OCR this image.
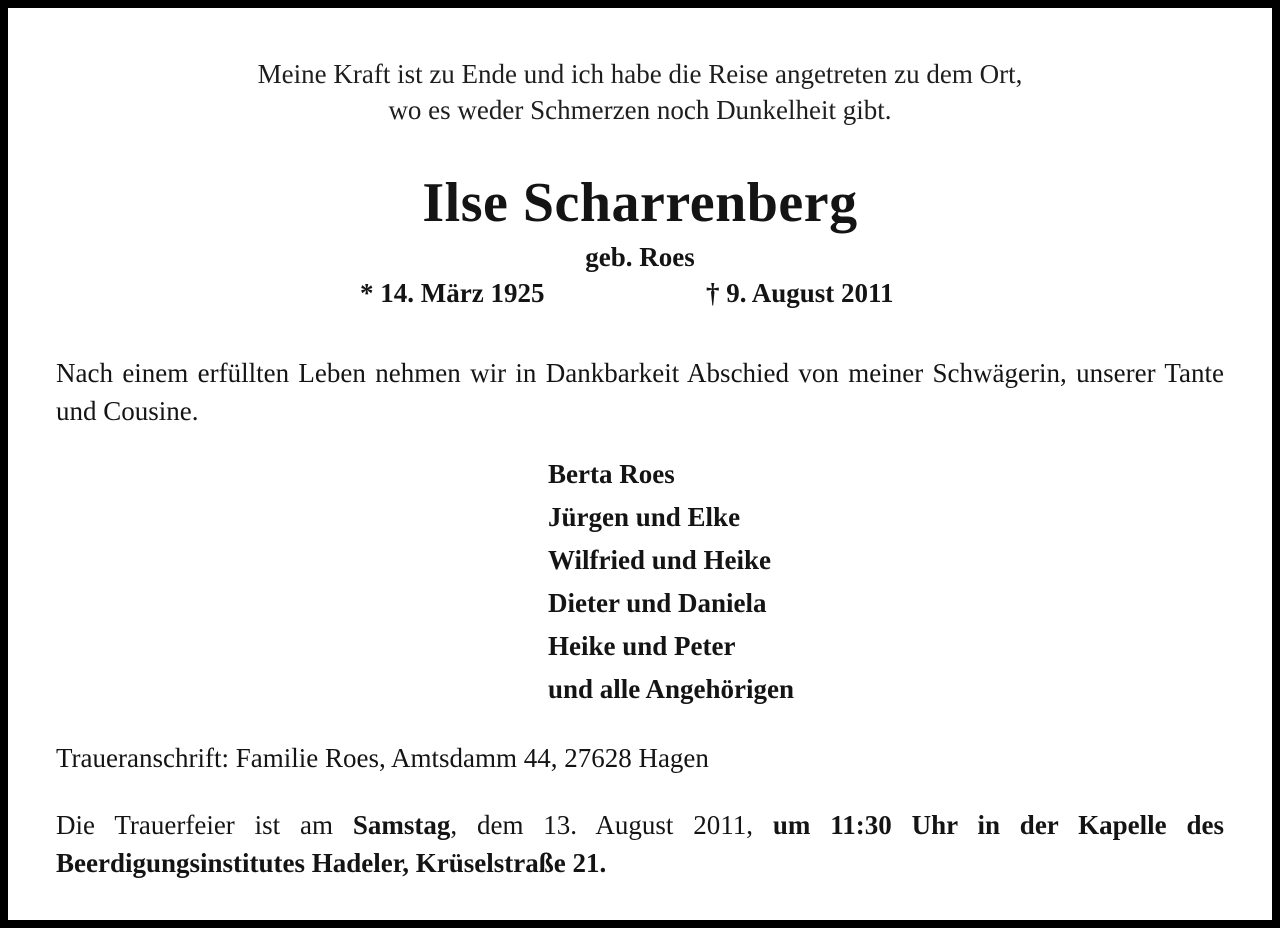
Meine Kraft ist zu Ende und ich habe die Reise angetreten zu dem Ort,
wo es weder Schmerzen noch Dunkelheit gibt.
Ilse Scharrenberg
geb. Roes
* 14. März 1925	† 9. August 2011
Nach einem erfüllten Leben nehmen wir in Dankbarkeit Abschied von meiner Schwägerin, unserer Tante und Cousine.
Berta Roes
Jürgen und Elke
Wilfried und Heike
Dieter und Daniela
Heike und Peter
und alle Angehörigen
Traueranschrift: Familie Roes, Amtsdamm 44, 27628 Hagen
Die Trauerfeier ist am Samstag, dem 13. August 2011, um 11:30 Uhr in der Kapelle des Beerdigungsinstitutes Hadeler, Krüselstraße 21.
